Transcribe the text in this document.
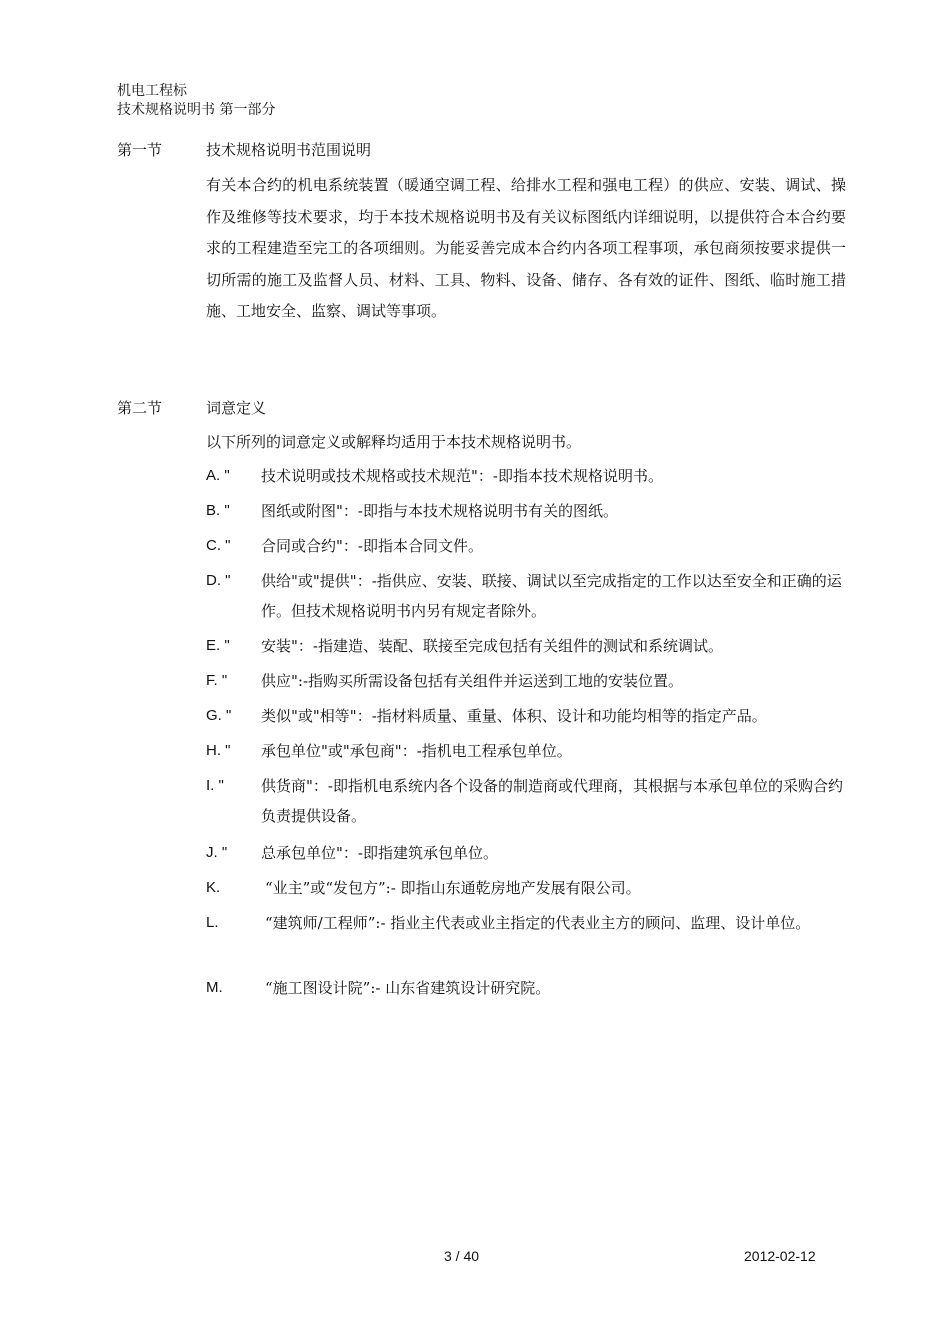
机电工程标
技术规格说明书 第一部分
第一节	技术规格说明书范围说明
有关本合约的机电系统装置（暖通空调工程、给排水工程和强电工程）的供应、安装、调试、操作及维修等技术要求，均于本技术规格说明书及有关议标图纸内详细说明，以提供符合本合约要求的工程建造至完工的各项细则。为能妥善完成本合约内各项工程事项，承包商须按要求提供一切所需的施工及监督人员、材料、工具、物料、设备、储存、各有效的证件、图纸、临时施工措施、工地安全、监察、调试等事项。
第二节	词意定义
以下所列的词意定义或解释均适用于本技术规格说明书。
A. " 技术说明或技术规格或技术规范"：-即指本技术规格说明书。
B. " 图纸或附图"：-即指与本技术规格说明书有关的图纸。
C. " 合同或合约"：-即指本合同文件。
D. " 供给"或"提供"：-指供应、安装、联接、调试以至完成指定的工作以达至安全和正确的运作。但技术规格说明书内另有规定者除外。
E. " 安装"：-指建造、装配、联接至完成包括有关组件的测试和系统调试。
F. " 供应":-指购买所需设备包括有关组件并运送到工地的安装位置。
G. " 类似"或"相等"：-指材料质量、重量、体积、设计和功能均相等的指定产品。
H. " 承包单位"或"承包商"：-指机电工程承包单位。
I. " 供货商"：-即指机电系统内各个设备的制造商或代理商，其根据与本承包单位的采购合约负责提供设备。
J. " 总承包单位"：-即指建筑承包单位。
K.	“业主”或“发包方”:- 即指山东通乾房地产发展有限公司。
L.	“建筑师/工程师”:- 指业主代表或业主指定的代表业主方的顾问、监理、设计单位。
M.	“施工图设计院”:- 山东省建筑设计研究院。
3 / 40	2012-02-12
